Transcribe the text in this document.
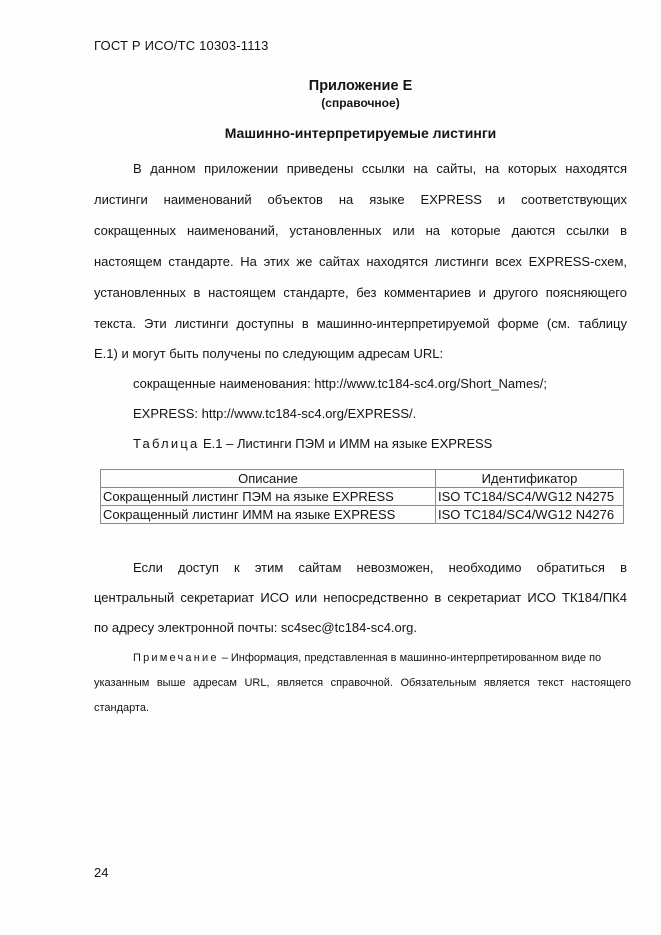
ГОСТ Р ИСО/ТС 10303-1113
Приложение Е
(справочное)
Машинно-интерпретируемые листинги
В данном приложении приведены ссылки на сайты, на которых находятся
листинги наименований объектов на языке EXPRESS и соответствующих
сокращенных наименований, установленных или на которые даются ссылки в
настоящем стандарте. На этих же сайтах находятся листинги всех EXPRESS-схем,
установленных в настоящем стандарте, без комментариев и другого поясняющего
текста. Эти листинги доступны в машинно-интерпретируемой форме (см. таблицу
Е.1) и могут быть получены по следующим адресам URL:
сокращенные наименования: http://www.tc184-sc4.org/Short_Names/;
EXPRESS: http://www.tc184-sc4.org/EXPRESS/.
Таблица Е.1 – Листинги ПЭМ и ИММ на языке EXPRESS
Описание	Идентификатор
Сокращенный листинг ПЭМ на языке EXPRESS	ISO TC184/SC4/WG12 N4275
Сокращенный листинг ИММ на языке EXPRESS	ISO TC184/SC4/WG12 N4276
Если доступ к этим сайтам невозможен, необходимо обратиться в
центральный секретариат ИСО или непосредственно в секретариат ИСО ТК184/ПК4
по адресу электронной почты: sc4sec@tc184-sc4.org.
Примечание – Информация, представленная в машинно-интерпретированном виде по
указанным выше адресам URL, является справочной. Обязательным является текст настоящего
стандарта.
24
